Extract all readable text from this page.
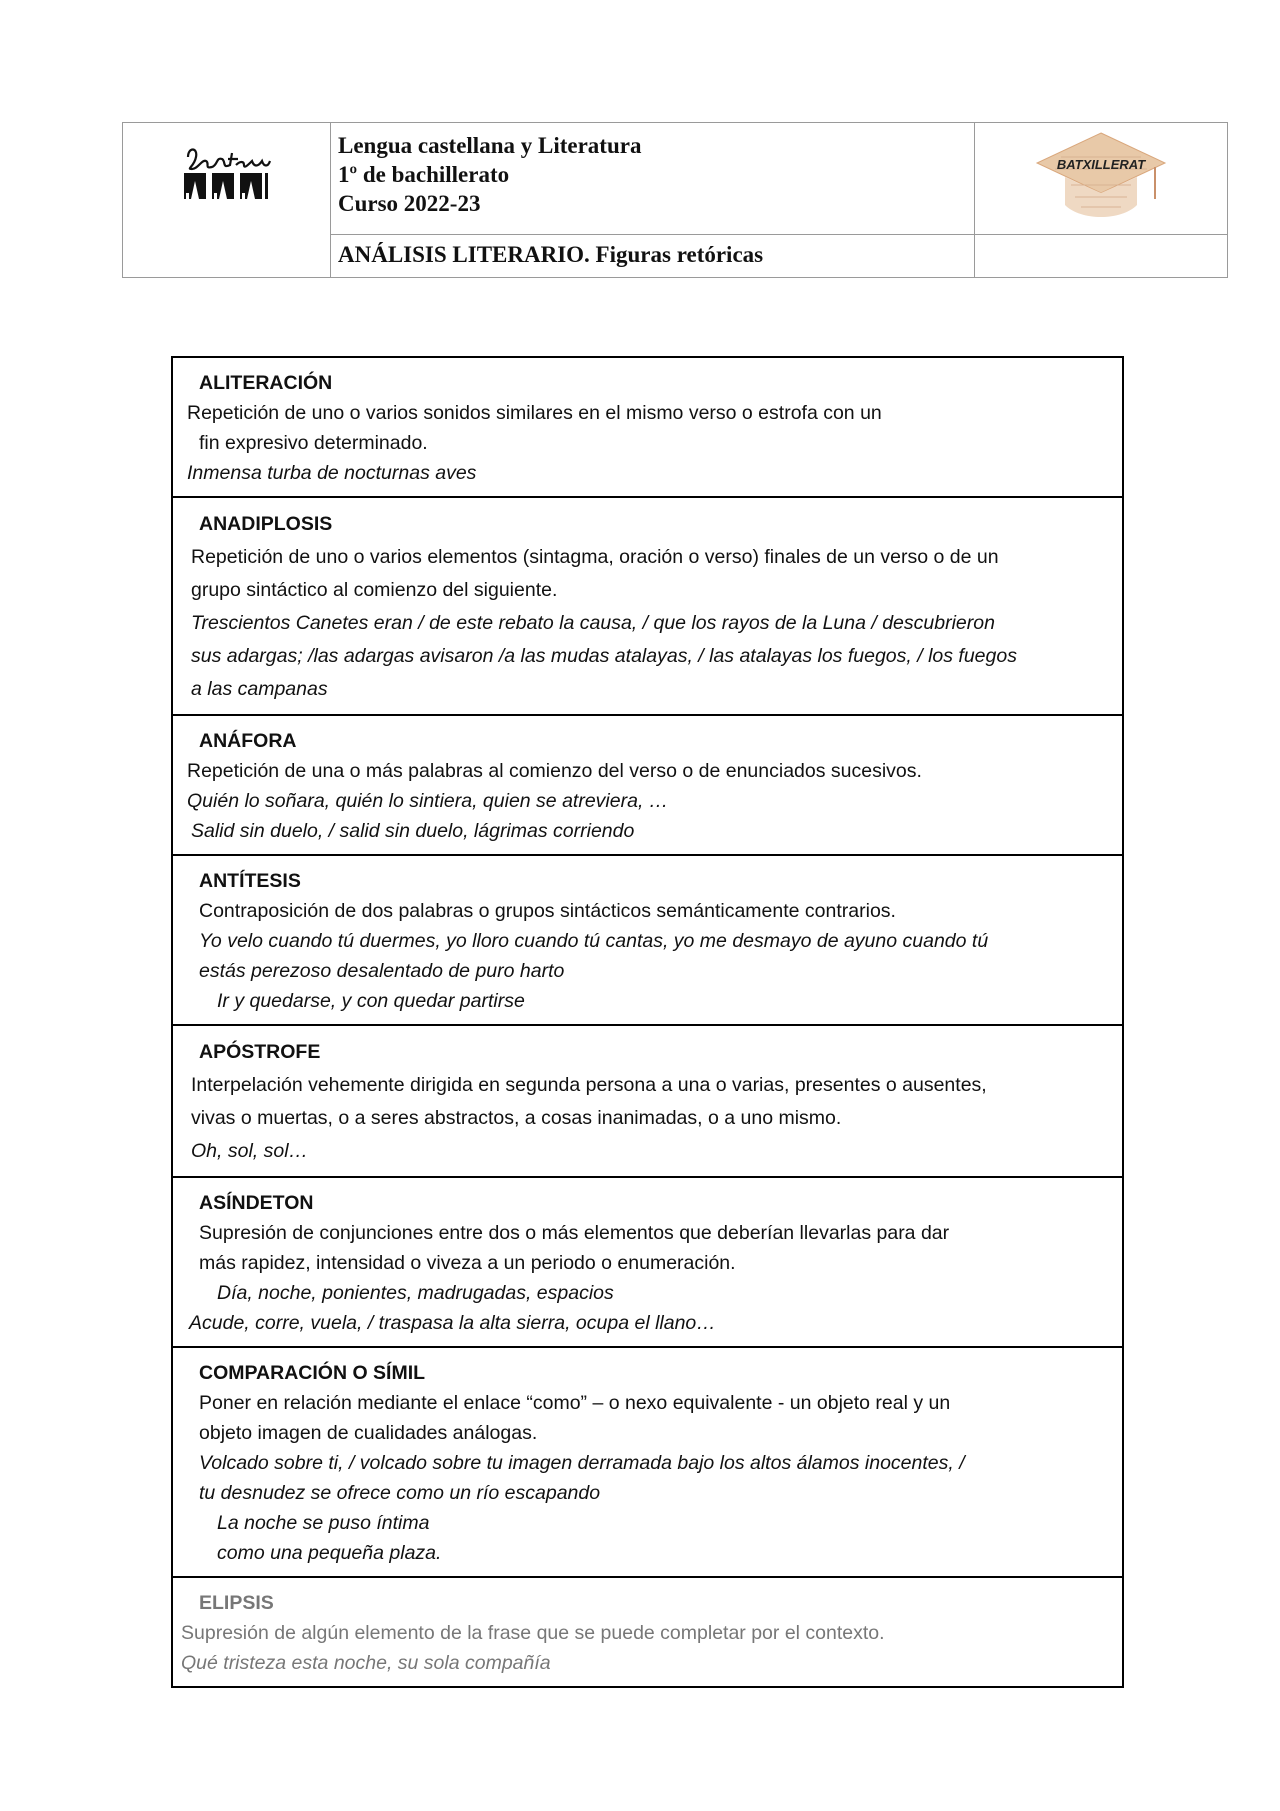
Lengua castellana y Literatura
1º de bachillerato
Curso 2022-23
BATXILLERAT
ANÁLISIS LITERARIO. Figuras retóricas

ALITERACIÓN

Repetición de uno o varios sonidos similares en el mismo verso o estrofa con un

fin expresivo determinado.

Inmensa turba de nocturnas aves

ANADIPLOSIS

Repetición de uno o varios elementos (sintagma, oración o verso) finales de un verso o de un

grupo sintáctico al comienzo del siguiente.

Trescientos Canetes eran / de este rebato la causa, / que los rayos de la Luna / descubrieron

sus adargas; /las adargas avisaron /a las mudas atalayas, / las atalayas los fuegos, / los fuegos

a las campanas

ANÁFORA

Repetición de una o más palabras al comienzo del verso o de enunciados sucesivos.

Quién lo soñara, quién lo sintiera, quien se atreviera, …

Salid sin duelo, / salid sin duelo, lágrimas corriendo

ANTÍTESIS

Contraposición de dos palabras o grupos sintácticos semánticamente contrarios.

Yo velo cuando tú duermes, yo lloro cuando tú cantas, yo me desmayo de ayuno cuando tú

estás perezoso desalentado de puro harto

Ir y quedarse, y con quedar partirse

APÓSTROFE

Interpelación vehemente dirigida en segunda persona a una o varias, presentes o ausentes,

vivas o muertas, o a seres abstractos, a cosas inanimadas, o a uno mismo.

Oh, sol, sol…

ASÍNDETON

Supresión de conjunciones entre dos o más elementos que deberían llevarlas para dar

más rapidez, intensidad o viveza a un periodo o enumeración.

Día, noche, ponientes, madrugadas, espacios

Acude, corre, vuela, / traspasa la alta sierra, ocupa el llano…

COMPARACIÓN O SÍMIL

Poner en relación mediante el enlace “como” – o nexo equivalente - un objeto real y un

objeto imagen de cualidades análogas.

Volcado sobre ti, / volcado sobre tu imagen derramada bajo los altos álamos inocentes, /

tu desnudez se ofrece como un río escapando

La noche se puso íntima

como una pequeña plaza.

ELIPSIS

Supresión de algún elemento de la frase que se puede completar por el contexto.

Qué tristeza esta noche, su sola compañía
